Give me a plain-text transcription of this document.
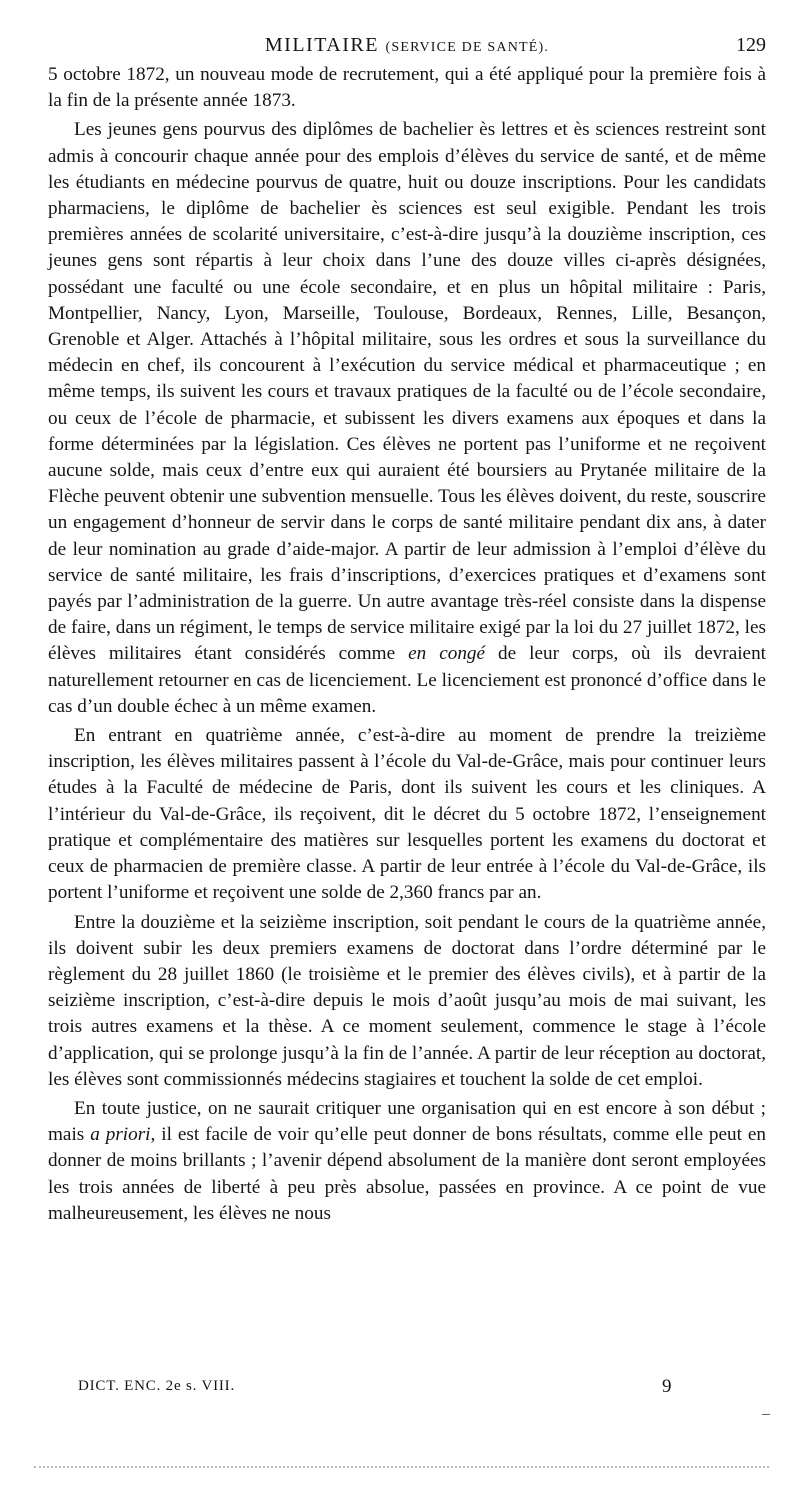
MILITAIRE (SERVICE DE SANTÉ).	129

5 octobre 1872, un nouveau mode de recrutement, qui a été appliqué pour la première fois à la fin de la présente année 1873.

Les jeunes gens pourvus des diplômes de bachelier ès lettres et ès sciences restreint sont admis à concourir chaque année pour des emplois d’élèves du service de santé, et de même les étudiants en médecine pourvus de quatre, huit ou douze inscriptions. Pour les candidats pharmaciens, le diplôme de bachelier ès sciences est seul exigible. Pendant les trois premières années de scolarité universitaire, c’est-à-dire jusqu’à la douzième inscription, ces jeunes gens sont répartis à leur choix dans l’une des douze villes ci-après désignées, possédant une faculté ou une école secondaire, et en plus un hôpital militaire : Paris, Montpellier, Nancy, Lyon, Marseille, Toulouse, Bordeaux, Rennes, Lille, Besançon, Grenoble et Alger. Attachés à l’hôpital militaire, sous les ordres et sous la surveillance du médecin en chef, ils concourent à l’exécution du service médical et pharmaceutique ; en même temps, ils suivent les cours et travaux pratiques de la faculté ou de l’école secondaire, ou ceux de l’école de pharmacie, et subissent les divers examens aux époques et dans la forme déterminées par la législation. Ces élèves ne portent pas l’uniforme et ne reçoivent aucune solde, mais ceux d’entre eux qui auraient été boursiers au Prytanée militaire de la Flèche peuvent obtenir une subvention mensuelle. Tous les élèves doivent, du reste, souscrire un engagement d’honneur de servir dans le corps de santé militaire pendant dix ans, à dater de leur nomination au grade d’aide-major. A partir de leur admission à l’emploi d’élève du service de santé militaire, les frais d’inscriptions, d’exercices pratiques et d’examens sont payés par l’administration de la guerre. Un autre avantage très-réel consiste dans la dispense de faire, dans un régiment, le temps de service militaire exigé par la loi du 27 juillet 1872, les élèves militaires étant considérés comme en congé de leur corps, où ils devraient naturellement retourner en cas de licenciement. Le licenciement est prononcé d’office dans le cas d’un double échec à un même examen.

En entrant en quatrième année, c’est-à-dire au moment de prendre la treizième inscription, les élèves militaires passent à l’école du Val-de-Grâce, mais pour continuer leurs études à la Faculté de médecine de Paris, dont ils suivent les cours et les cliniques. A l’intérieur du Val-de-Grâce, ils reçoivent, dit le décret du 5 octobre 1872, l’enseignement pratique et complémentaire des matières sur lesquelles portent les examens du doctorat et ceux de pharmacien de première classe. A partir de leur entrée à l’école du Val-de-Grâce, ils portent l’uniforme et reçoivent une solde de 2,360 francs par an.

Entre la douzième et la seizième inscription, soit pendant le cours de la quatrième année, ils doivent subir les deux premiers examens de doctorat dans l’ordre déterminé par le règlement du 28 juillet 1860 (le troisième et le premier des élèves civils), et à partir de la seizième inscription, c’est-à-dire depuis le mois d’août jusqu’au mois de mai suivant, les trois autres examens et la thèse. A ce moment seulement, commence le stage à l’école d’application, qui se prolonge jusqu’à la fin de l’année. A partir de leur réception au doctorat, les élèves sont commissionnés médecins stagiaires et touchent la solde de cet emploi.

En toute justice, on ne saurait critiquer une organisation qui en est encore à son début ; mais a priori, il est facile de voir qu’elle peut donner de bons résultats, comme elle peut en donner de moins brillants ; l’avenir dépend absolument de la manière dont seront employées les trois années de liberté à peu près absolue, passées en province. A ce point de vue malheureusement, les élèves ne nous

DICT. ENC. 2e s. VIII.	9
